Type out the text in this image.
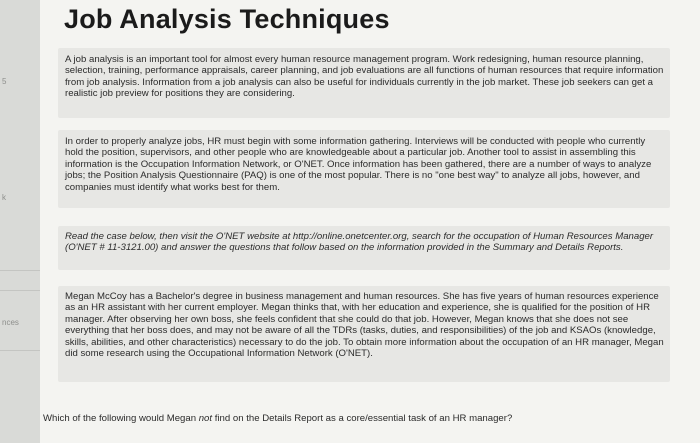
5
k
nces
Job Analysis Techniques

A job analysis is an important tool for almost every human resource management program. Work redesigning, human resource planning, selection, training, performance appraisals, career planning, and job evaluations are all functions of human resources that require information from job analysis. Information from a job analysis can also be useful for individuals currently in the job market. These job seekers can get a realistic job preview for positions they are considering.

In order to properly analyze jobs, HR must begin with some information gathering. Interviews will be conducted with people who currently hold the position, supervisors, and other people who are knowledgeable about a particular job. Another tool to assist in assembling this information is the Occupation Information Network, or O'NET. Once information has been gathered, there are a number of ways to analyze jobs; the Position Analysis Questionnaire (PAQ) is one of the most popular. There is no "one best way" to analyze all jobs, however, and companies must identify what works best for them.

Read the case below, then visit the O'NET website at http://online.onetcenter.org, search for the occupation of Human Resources Manager (O'NET # 11-3121.00) and answer the questions that follow based on the information provided in the Summary and Details Reports.

Megan McCoy has a Bachelor's degree in business management and human resources. She has five years of human resources experience as an HR assistant with her current employer. Megan thinks that, with her education and experience, she is qualified for the position of HR manager. After observing her own boss, she feels confident that she could do that job. However, Megan knows that she does not see everything that her boss does, and may not be aware of all the TDRs (tasks, duties, and responsibilities) of the job and KSAOs (knowledge, skills, abilities, and other characteristics) necessary to do the job. To obtain more information about the occupation of an HR manager, Megan did some research using the Occupational Information Network (O'NET).

Which of the following would Megan not find on the Details Report as a core/essential task of an HR manager?
